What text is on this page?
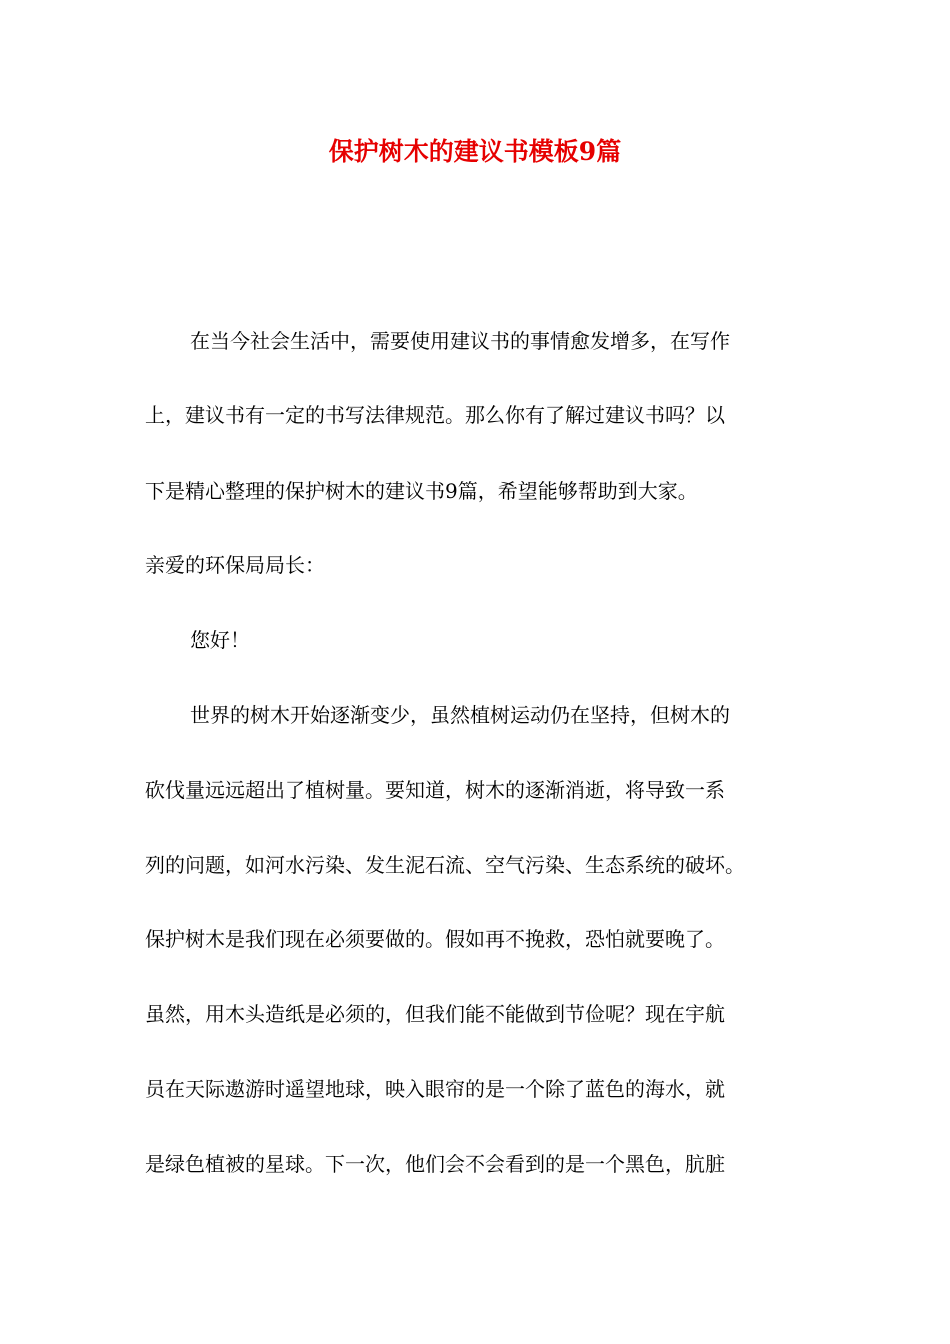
保护树木的建议书模板9篇
在当今社会生活中，需要使用建议书的事情愈发增多，在写作
上，建议书有一定的书写法律规范。那么你有了解过建议书吗？以
下是精心整理的保护树木的建议书9篇，希望能够帮助到大家。
亲爱的环保局局长：
您好！
世界的树木开始逐渐变少，虽然植树运动仍在坚持，但树木的
砍伐量远远超出了植树量。要知道，树木的逐渐消逝，将导致一系
列的问题，如河水污染、发生泥石流、空气污染、生态系统的破坏。
保护树木是我们现在必须要做的。假如再不挽救，恐怕就要晚了。
虽然，用木头造纸是必须的，但我们能不能做到节俭呢？现在宇航
员在天际遨游时遥望地球，映入眼帘的是一个除了蓝色的海水，就
是绿色植被的星球。下一次，他们会不会看到的是一个黑色，肮脏
